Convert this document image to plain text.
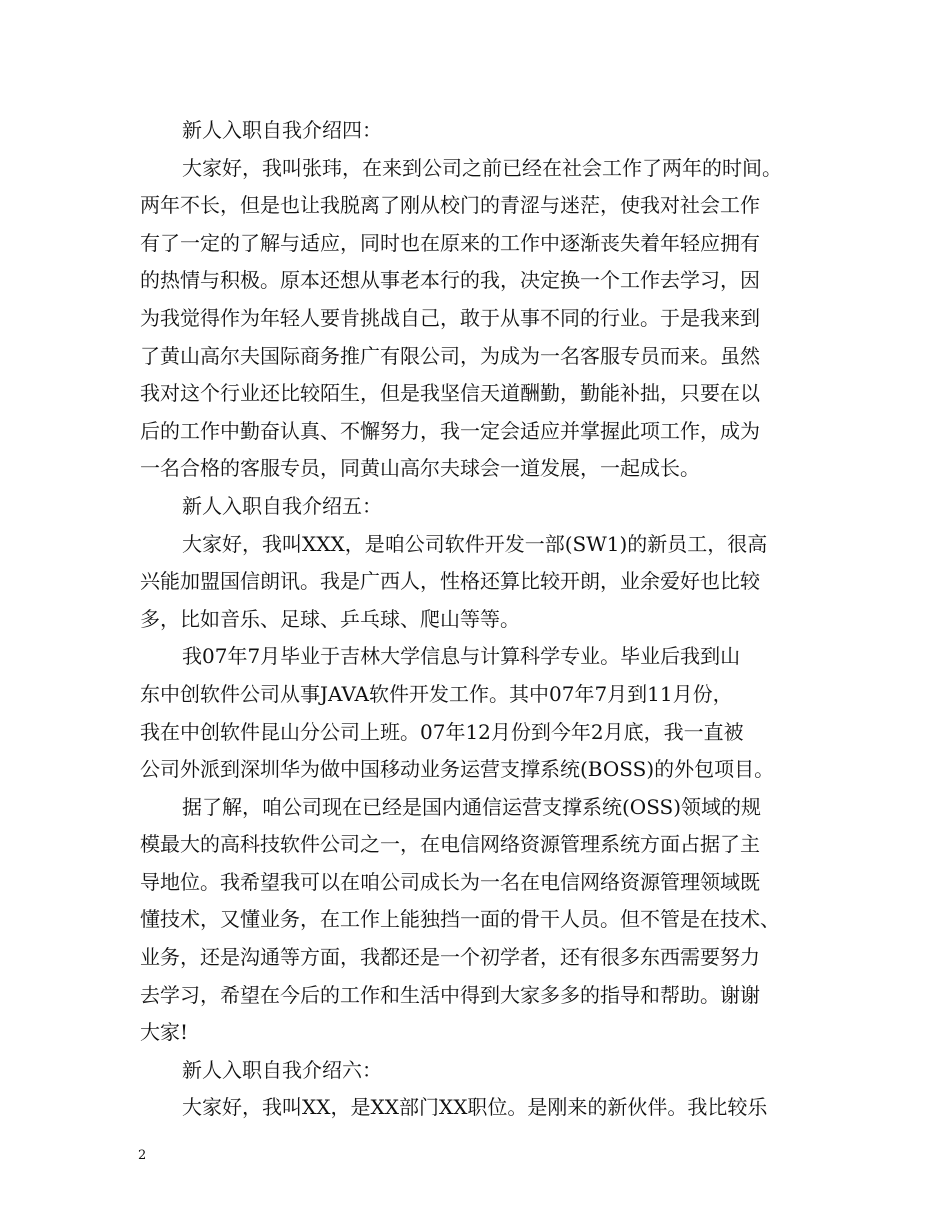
新人入职自我介绍四：
大家好，我叫张玮，在来到公司之前已经在社会工作了两年的时间。
两年不长，但是也让我脱离了刚从校门的青涩与迷茫，使我对社会工作
有了一定的了解与适应，同时也在原来的工作中逐渐丧失着年轻应拥有
的热情与积极。原本还想从事老本行的我，决定换一个工作去学习，因
为我觉得作为年轻人要肯挑战自己，敢于从事不同的行业。于是我来到
了黄山高尔夫国际商务推广有限公司，为成为一名客服专员而来。虽然
我对这个行业还比较陌生，但是我坚信天道酬勤，勤能补拙，只要在以
后的工作中勤奋认真、不懈努力，我一定会适应并掌握此项工作，成为
一名合格的客服专员，同黄山高尔夫球会一道发展，一起成长。
新人入职自我介绍五：
大家好，我叫XXX，是咱公司软件开发一部(SW1)的新员工，很高
兴能加盟国信朗讯。我是广西人，性格还算比较开朗，业余爱好也比较
多，比如音乐、足球、乒乓球、爬山等等。
我07年7月毕业于吉林大学信息与计算科学专业。毕业后我到山
东中创软件公司从事JAVA软件开发工作。其中07年7月到11月份，
我在中创软件昆山分公司上班。07年12月份到今年2月底，我一直被
公司外派到深圳华为做中国移动业务运营支撑系统(BOSS)的外包项目。
据了解，咱公司现在已经是国内通信运营支撑系统(OSS)领域的规
模最大的高科技软件公司之一，在电信网络资源管理系统方面占据了主
导地位。我希望我可以在咱公司成长为一名在电信网络资源管理领域既
懂技术，又懂业务，在工作上能独挡一面的骨干人员。但不管是在技术、
业务，还是沟通等方面，我都还是一个初学者，还有很多东西需要努力
去学习，希望在今后的工作和生活中得到大家多多的指导和帮助。谢谢
大家!
新人入职自我介绍六：
大家好，我叫XX，是XX部门XX职位。是刚来的新伙伴。我比较乐
2
